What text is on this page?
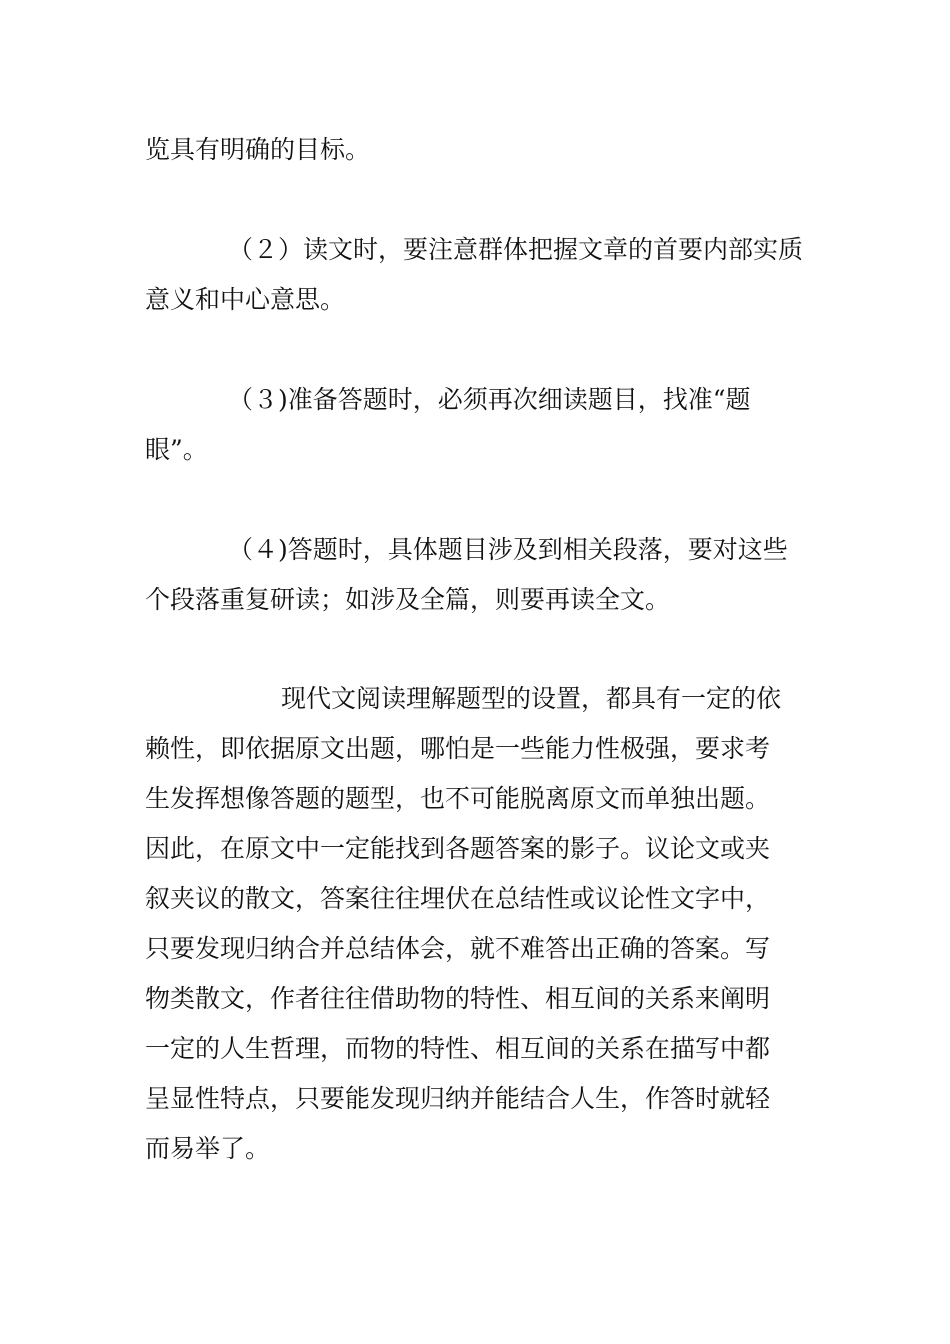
览具有明确的目标。
（２）读文时，要注意群体把握文章的首要内部实质
意义和中心意思。
（３)准备答题时，必须再次细读题目，找准“题
眼”。
（４)答题时，具体题目涉及到相关段落，要对这些
个段落重复研读；如涉及全篇，则要再读全文。
现代文阅读理解题型的设置，都具有一定的依
赖性，即依据原文出题，哪怕是一些能力性极强，要求考
生发挥想像答题的题型，也不可能脱离原文而单独出题。
因此，在原文中一定能找到各题答案的影子。议论文或夹
叙夹议的散文，答案往往埋伏在总结性或议论性文字中，
只要发现归纳合并总结体会，就不难答出正确的答案。写
物类散文，作者往往借助物的特性、相互间的关系来阐明
一定的人生哲理，而物的特性、相互间的关系在描写中都
呈显性特点，只要能发现归纳并能结合人生，作答时就轻
而易举了。
